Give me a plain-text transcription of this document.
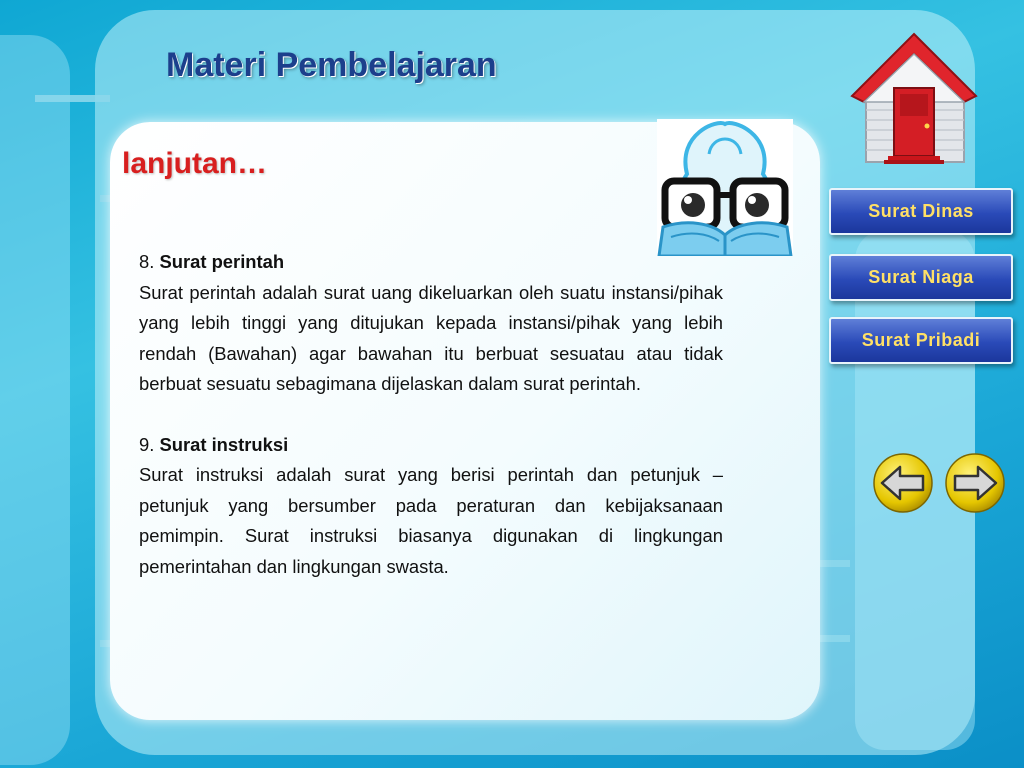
Materi Pembelajaran
lanjutan…

8. Surat perintah

Surat perintah adalah surat uang dikeluarkan oleh suatu instansi/pihak yang lebih tinggi yang ditujukan kepada instansi/pihak yang lebih rendah (Bawahan) agar bawahan itu berbuat sesuatau atau tidak berbuat sesuatu sebagimana dijelaskan dalam surat perintah.

9. Surat instruksi

Surat instruksi adalah surat yang berisi perintah dan petunjuk – petunjuk yang bersumber pada peraturan dan kebijaksanaan pemimpin. Surat instruksi biasanya digunakan di lingkungan pemerintahan dan lingkungan swasta.

Surat Dinas
Surat Niaga
Surat Pribadi
